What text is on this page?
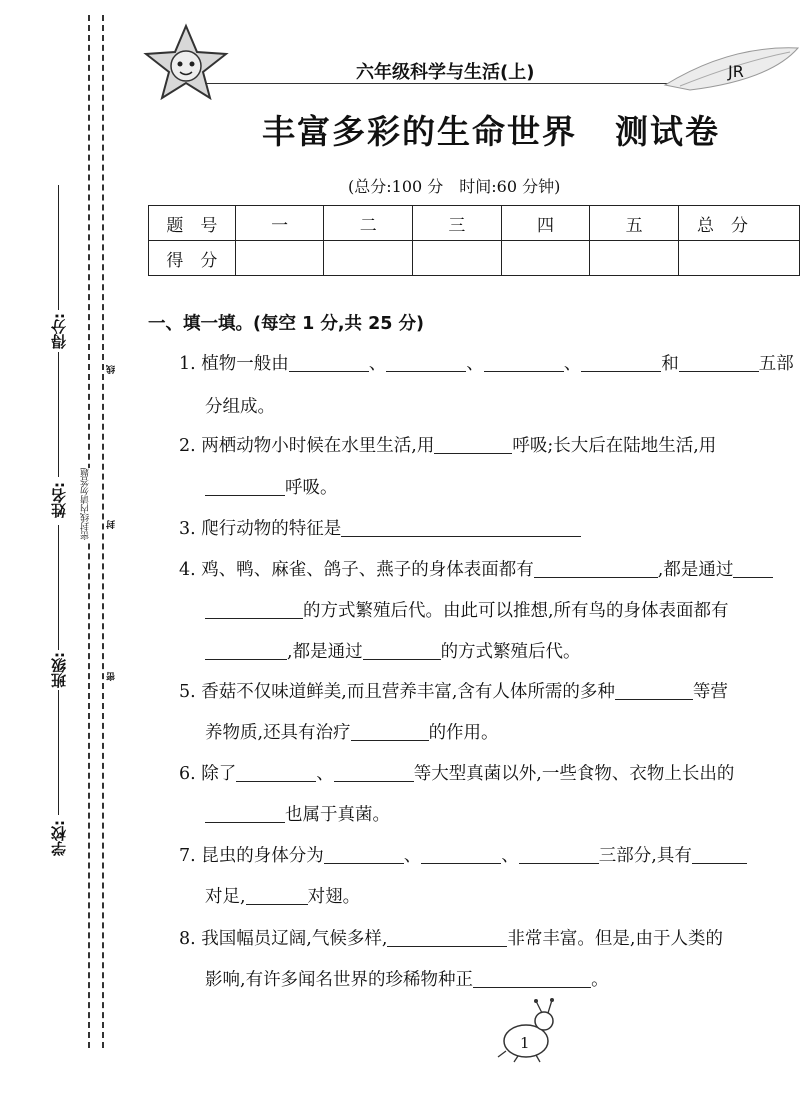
学校:
班级:
姓名:
得分:
密封线内请勿答题
线
封
密
六年级科学与生活(上)	JR
丰富多彩的生命世界 测试卷
(总分:100 分　时间:60 分钟)
题　号	一	二	三	四	五	总　分
得　分						
一、填一填。(每空 1 分,共 25 分)
1. 植物一般由	、	、	、	和	五部
分组成。
2. 两栖动物小时候在水里生活,用	呼吸;长大后在陆地生活,用
呼吸。
3. 爬行动物的特征是
4. 鸡、鸭、麻雀、鸽子、燕子的身体表面都有	,都是通过
的方式繁殖后代。由此可以推想,所有鸟的身体表面都有
,都是通过	的方式繁殖后代。
5. 香菇不仅味道鲜美,而且营养丰富,含有人体所需的多种	等营
养物质,还具有治疗	的作用。
6. 除了	、	等大型真菌以外,一些食物、衣物上长出的
也属于真菌。
7. 昆虫的身体分为	、	、	三部分,具有
对足,	对翅。
8. 我国幅员辽阔,气候多样,	非常丰富。但是,由于人类的
影响,有许多闻名世界的珍稀物种正	。
1
